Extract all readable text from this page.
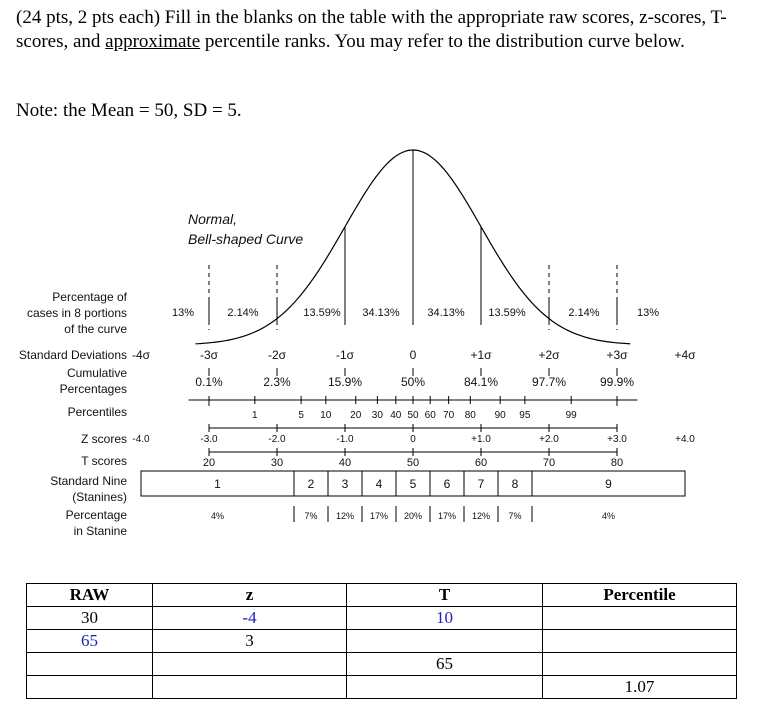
(24 pts, 2 pts each) Fill in the blanks on the table with the appropriate raw scores, z-scores, T-scores, and approximate percentile ranks. You may refer to the distribution curve below.

Note: the Mean = 50, SD = 5.

Normal,
Bell-shaped Curve
Percentage of
cases in 8 portions
of the curve
Standard Deviations
Cumulative
Percentages
Percentiles
Z scores
T scores
Standard Nine
(Stanines)
Percentage
in Stanine
13%	2.14%	13.59% 34.13%	34.13% 13.59%	2.14%	13%
-4σ	-3σ	-2σ	-1σ	0	+1σ	+2σ	+3σ	+4σ
0.1%	2.3%	15.9%	50%	84.1%	97.7%	99.9%
1	5 10 20 30 40 50 60 70 80 90 95	99
-4.0	-3.0	-2.0	-1.0	0	+1.0	+2.0	+3.0	+4.0
20	30	40	50	60	70	80
1	2 3 4 5 6 7 8	9
4%	7% 12% 17% 20% 17% 12% 7%	4%
RAW	z	T	Percentile
30	-4	10	
65	3		
		65	
			1.07
